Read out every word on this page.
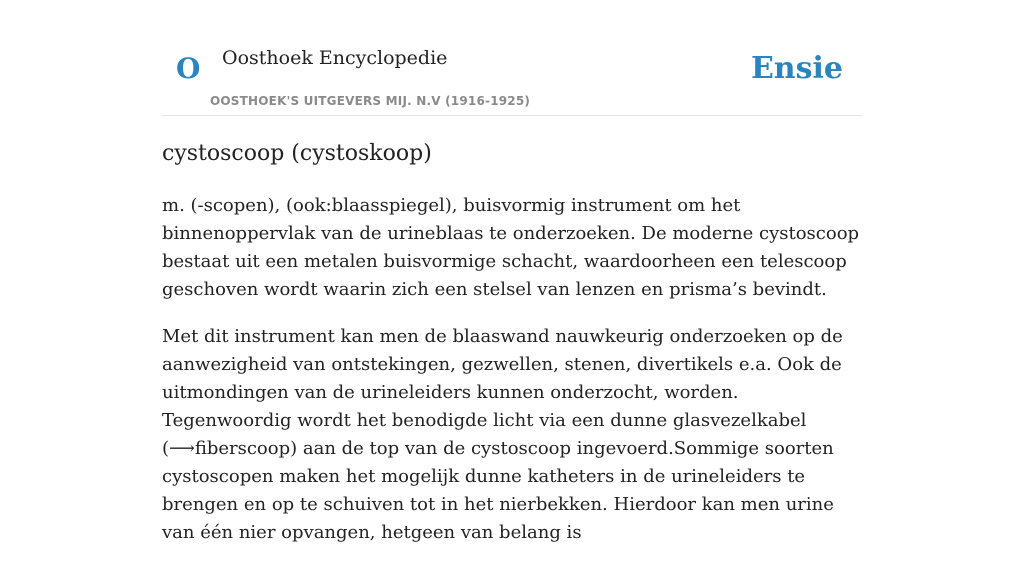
O Oosthoek Encyclopedie
OOSTHOEK'S UITGEVERS MIJ. N.V (1916-1925)
Ensie
cystoscoop (cystoskoop)

m. (-scopen), (ook:blaasspiegel), buisvormig instrument om het binnenoppervlak van de urineblaas te onderzoeken. De moderne cystoscoop bestaat uit een metalen buisvormige schacht, waardoorheen een telescoop geschoven wordt waarin zich een stelsel van lenzen en prisma’s bevindt.

Met dit instrument kan men de blaaswand nauwkeurig onderzoeken op de aanwezigheid van ontstekingen, gezwellen, stenen, divertikels e.a. Ook de uitmondingen van de urineleiders kunnen onderzocht, worden. Tegenwoordig wordt het benodigde licht via een dunne glasvezelkabel (⟶fiberscoop) aan de top van de cystoscoop ingevoerd.Sommige soorten cystoscopen maken het mogelijk dunne katheters in de urineleiders te brengen en op te schuiven tot in het nierbekken. Hierdoor kan men urine van één nier opvangen, hetgeen van belang is
